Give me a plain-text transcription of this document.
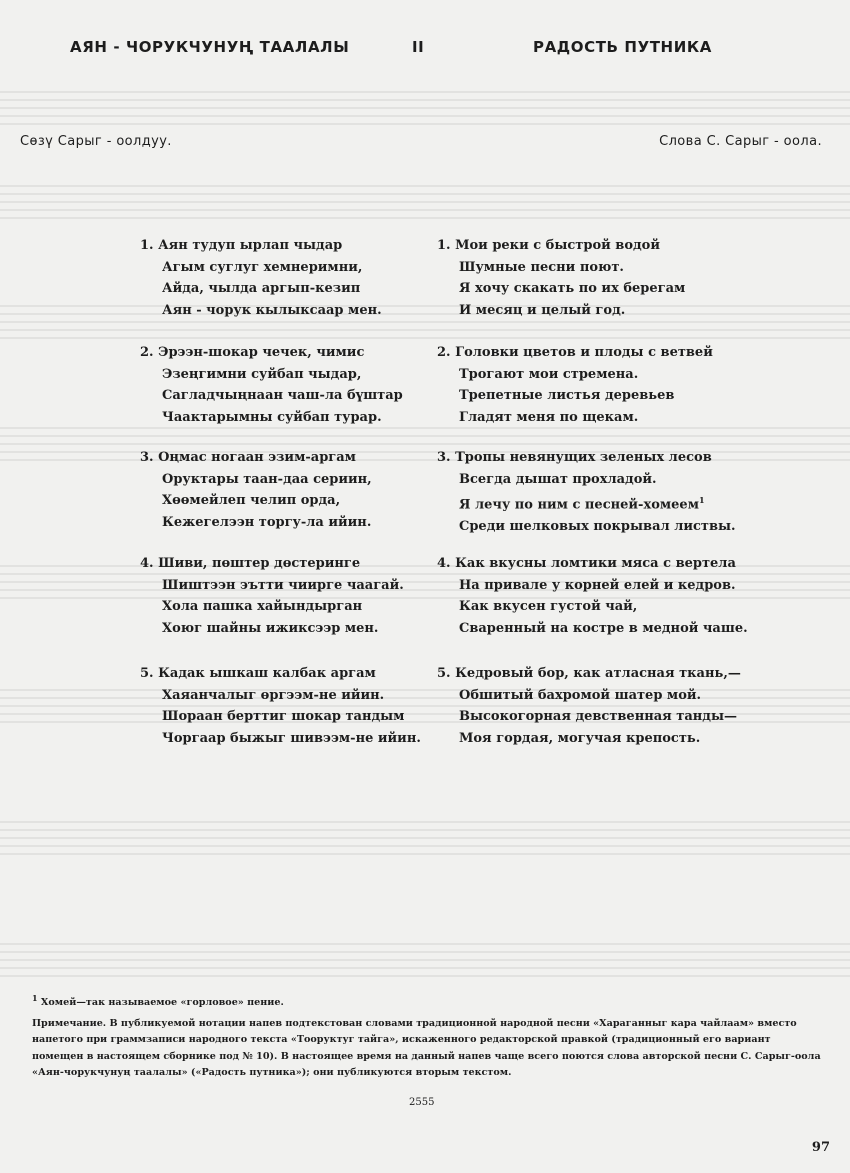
АЯН - ЧОРУКЧУНУҢ ТААЛАЛЫ	II	РАДОСТЬ ПУТНИКА
Сөзү Сарыг - оолдуу.	Слова С. Сарыг - оола.
1. Аян тудуп ырлап чыдар
Агым суглуг хемнеримни,
Айда, чылда аргып-кезип
Аян - чорук кылыксаар мен.
2. Эрээн-шокар чечек, чимис
Эзеңгимни суйбап чыдар,
Сагладчыңнаан чаш-ла бүштар
Чаактарымны суйбап турар.
3. Оңмас ногаан эзим-аргам
Оруктары таан-даа сериин,
Хөөмейлеп челип орда,
Кежегелээн торгу-ла ийин.
4. Шиви, пөштер дөстеринге
Шиштээн эътти чиирге чаагай.
Хола пашка хайындырган
Хоюг шайны ижиксээр мен.
5. Кадак ышкаш калбак аргам
Хаяанчалыг өргээм-не ийин.
Шораан берттиг шокар тандым
Чоргаар быжыг шивээм-не ийин.
1. Мои реки с быстрой водой
Шумные песни поют.
Я хочу скакать по их берегам
И месяц и целый год.
2. Головки цветов и плоды с ветвей
Трогают мои стремена.
Трепетные листья деревьев
Гладят меня по щекам.
3. Тропы невянущих зеленых лесов
Всегда дышат прохладой.
Я лечу по ним с песней-хомеем$^1$
Среди шелковых покрывал листвы.
4. Как вкусны ломтики мяса с вертела
На привале у корней елей и кедров.
Как вкусен густой чай,
Сваренный на костре в медной чаше.
5. Кедровый бор, как атласная ткань,—
Обшитый бахромой шатер мой.
Высокогорная девственная танды—
Моя гордая, могучая крепость.
$^1$ Хомей—так называемое «горловое» пение.
Примечание. В публикуемой нотации напев подтекстован словами традиционной народной песни «Хараганныг кара чайлаам» вместо напетого при граммзаписи народного текста «Тооруктуг тайга», искаженного редакторской правкой (традиционный его вариант помещен в настоящем сборнике под № 10). В настоящее время на данный напев чаще всего поются слова авторской песни С. Сарыг-оола «Аян-чорукчунуң таалалы» («Радость путника»); они публикуются вторым текстом.
2555
97
